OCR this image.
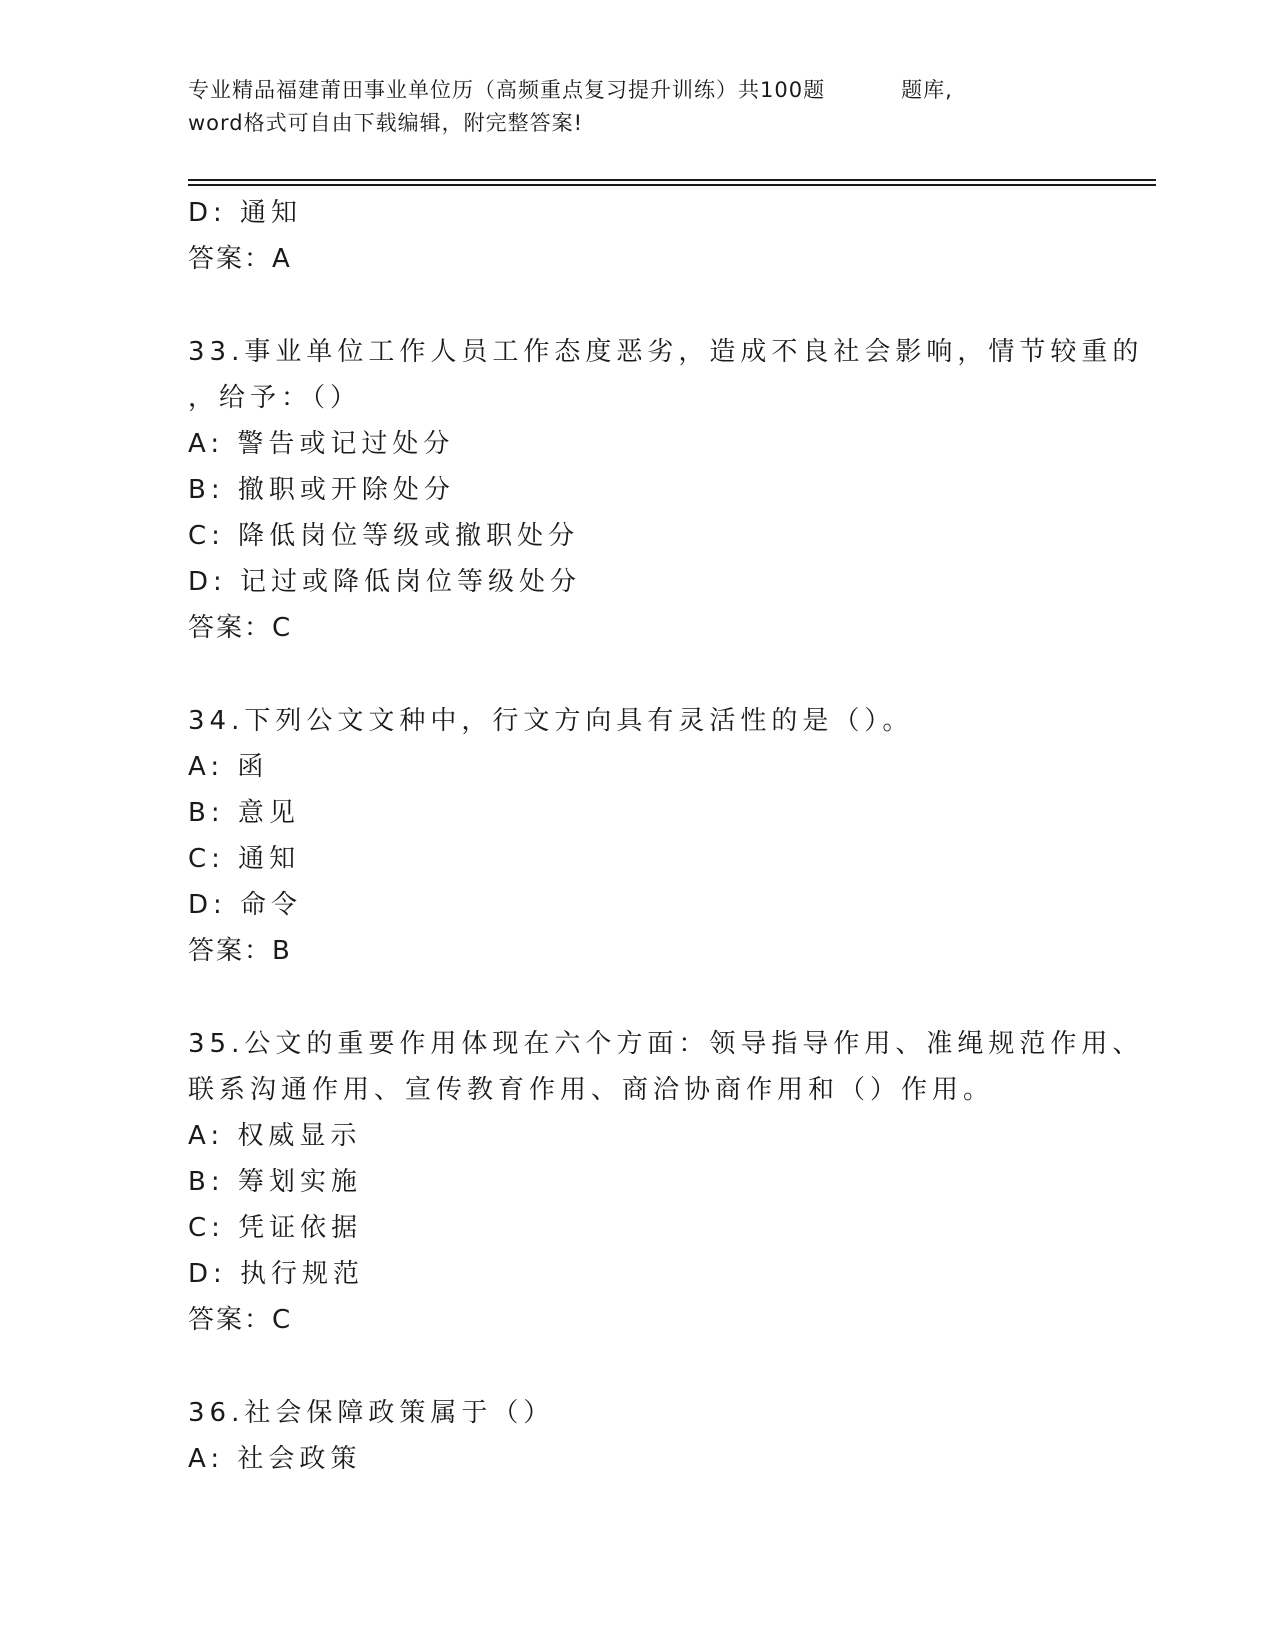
专业精品福建莆田事业单位历（高频重点复习提升训练）共100题	题库,
word格式可自由下载编辑，附完整答案!
D: 通知
答案：A
33.事业单位工作人员工作态度恶劣，造成不良社会影响，情节较重的
，给予：（）
A: 警告或记过处分
B: 撤职或开除处分
C: 降低岗位等级或撤职处分
D: 记过或降低岗位等级处分
答案：C
34.下列公文文种中，行文方向具有灵活性的是（）。
A: 函
B: 意见
C: 通知
D: 命令
答案：B
35.公文的重要作用体现在六个方面：领导指导作用、准绳规范作用、
联系沟通作用、宣传教育作用、商洽协商作用和（）作用。
A: 权威显示
B: 筹划实施
C: 凭证依据
D: 执行规范
答案：C
36.社会保障政策属于（）
A: 社会政策
